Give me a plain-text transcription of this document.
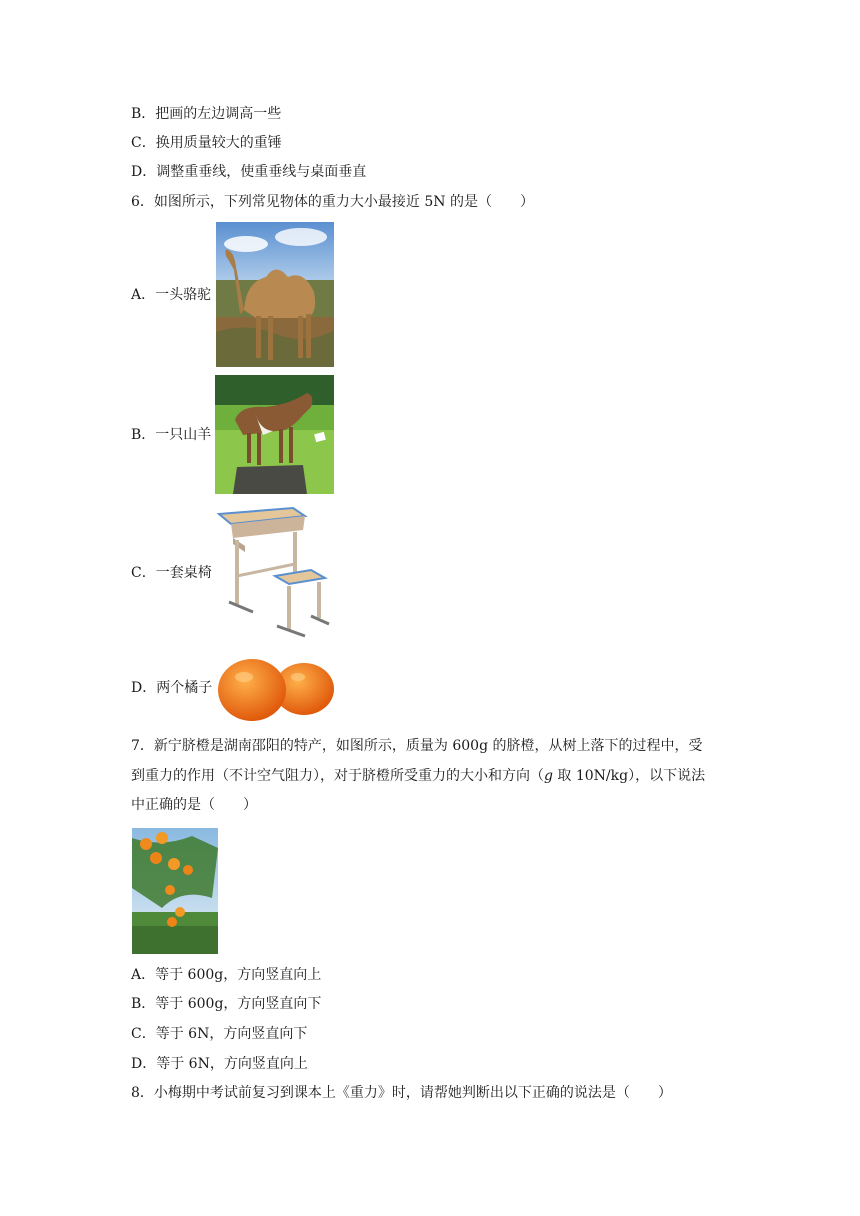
B．把画的左边调高一些
C．换用质量较大的重锤
D．调整重垂线，使重垂线与桌面垂直
6．如图所示，下列常见物体的重力大小最接近 5N 的是（　　）
A．一头骆驼
B．一只山羊
C．一套桌椅
D．两个橘子
7．新宁脐橙是湖南邵阳的特产，如图所示，质量为 600g 的脐橙，从树上落下的过程中，受
到重力的作用（不计空气阻力），对于脐橙所受重力的大小和方向（g 取 10N/kg），以下说法
中正确的是（　　）
A．等于 600g，方向竖直向上
B．等于 600g，方向竖直向下
C．等于 6N，方向竖直向下
D．等于 6N，方向竖直向上
8．小梅期中考试前复习到课本上《重力》时，请帮她判断出以下正确的说法是（　　）
